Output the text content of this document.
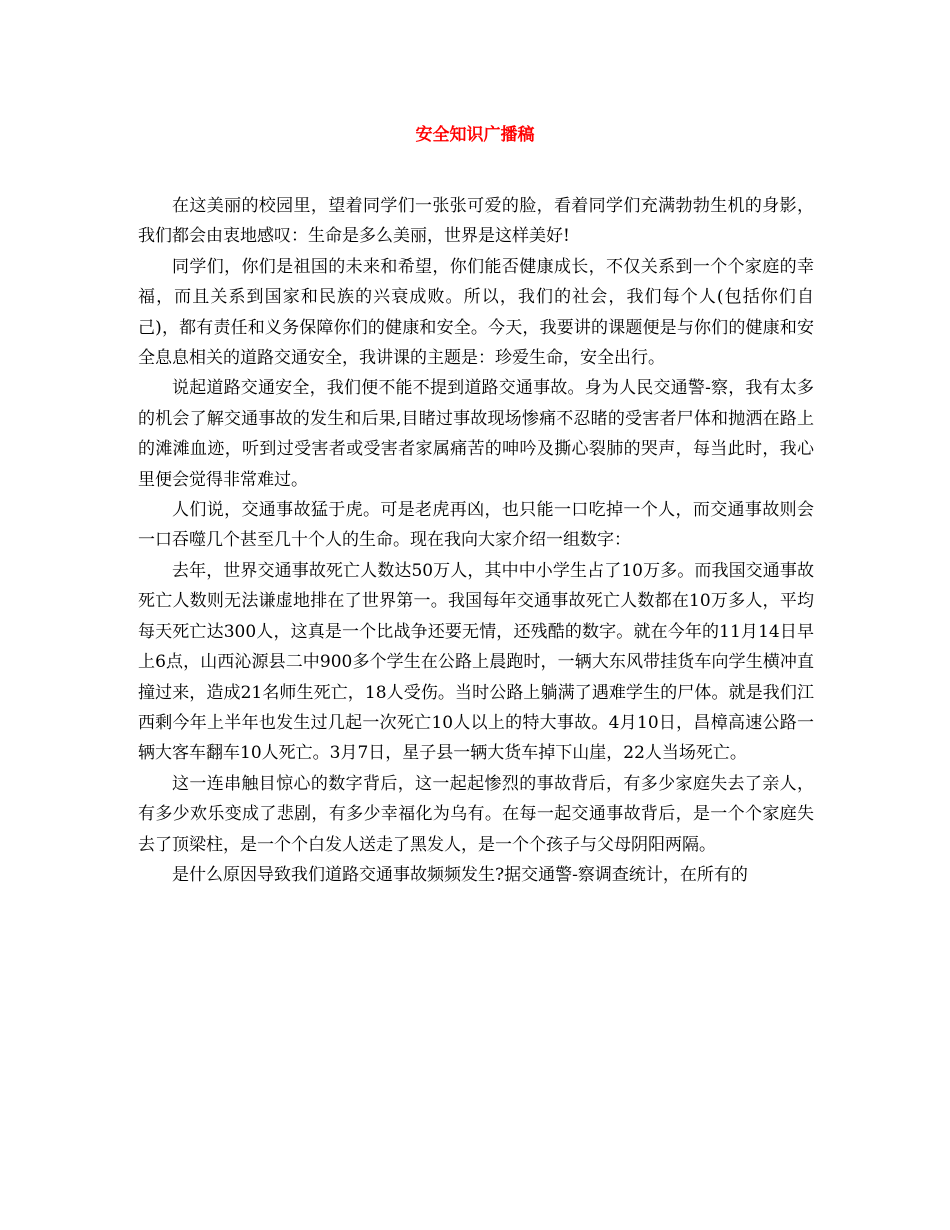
安全知识广播稿

在这美丽的校园里，望着同学们一张张可爱的脸，看着同学们充满勃勃生机的身影，我们都会由衷地感叹：生命是多么美丽，世界是这样美好!

同学们，你们是祖国的未来和希望，你们能否健康成长，不仅关系到一个个家庭的幸福，而且关系到国家和民族的兴衰成败。所以，我们的社会，我们每个人(包括你们自己)，都有责任和义务保障你们的健康和安全。今天，我要讲的课题便是与你们的健康和安全息息相关的道路交通安全，我讲课的主题是：珍爱生命，安全出行。

说起道路交通安全，我们便不能不提到道路交通事故。身为人民交通警-察，我有太多的机会了解交通事故的发生和后果,目睹过事故现场惨痛不忍睹的受害者尸体和抛洒在路上的滩滩血迹，听到过受害者或受害者家属痛苦的呻吟及撕心裂肺的哭声，每当此时，我心里便会觉得非常难过。

人们说，交通事故猛于虎。可是老虎再凶，也只能一口吃掉一个人，而交通事故则会一口吞噬几个甚至几十个人的生命。现在我向大家介绍一组数字：

去年，世界交通事故死亡人数达50万人，其中中小学生占了10万多。而我国交通事故死亡人数则无法谦虚地排在了世界第一。我国每年交通事故死亡人数都在10万多人，平均每天死亡达300人，这真是一个比战争还要无情，还残酷的数字。就在今年的11月14日早上6点，山西沁源县二中900多个学生在公路上晨跑时，一辆大东风带挂货车向学生横冲直撞过来，造成21名师生死亡，18人受伤。当时公路上躺满了遇难学生的尸体。就是我们江西剩今年上半年也发生过几起一次死亡10人以上的特大事故。4月10日，昌樟高速公路一辆大客车翻车10人死亡。3月7日，星子县一辆大货车掉下山崖，22人当场死亡。

这一连串触目惊心的数字背后，这一起起惨烈的事故背后，有多少家庭失去了亲人，有多少欢乐变成了悲剧，有多少幸福化为乌有。在每一起交通事故背后，是一个个家庭失去了顶梁柱，是一个个白发人送走了黑发人，是一个个孩子与父母阴阳两隔。

是什么原因导致我们道路交通事故频频发生?据交通警-察调查统计，在所有的
